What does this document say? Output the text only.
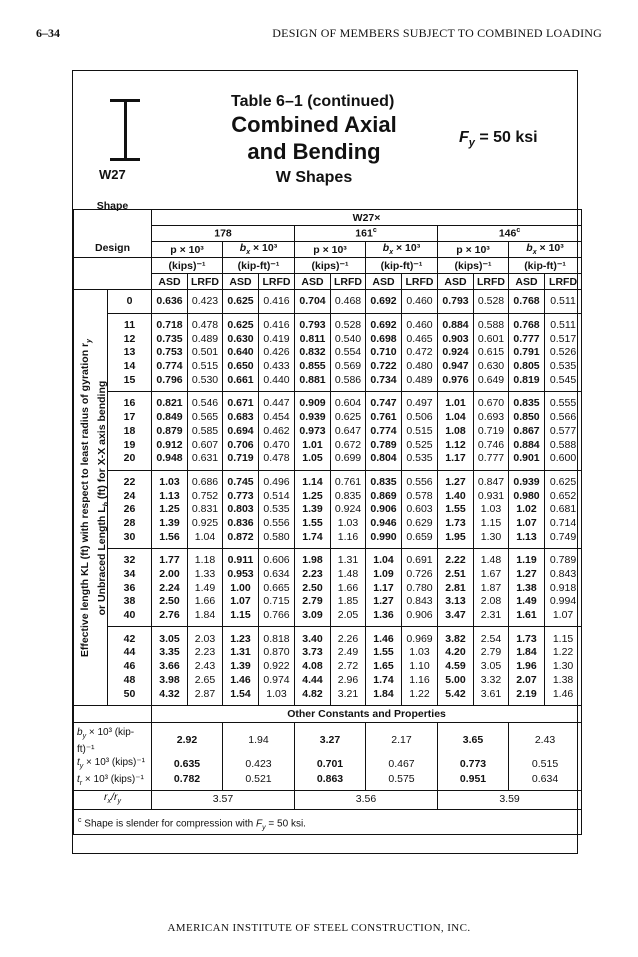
6–34	DESIGN OF MEMBERS SUBJECT TO COMBINED LOADING
W27
Table 6–1 (continued)
Combined Axial
and Bending
W Shapes
$F_y = 50$ ksi
Shape
Design		W27×											
		178				161$^c$				146$^c$
		p × 10³		$b_x \times 10^3$		p × 10³		$b_x \times 10^3$		p × 10³		$b_x \times 10^3$	
		(kips)⁻¹		(kip-ft)⁻¹		(kips)⁻¹		(kip-ft)⁻¹		(kips)⁻¹		(kip-ft)⁻¹	
		ASD	LRFD	ASD	LRFD	ASD	LRFD	ASD	LRFD	ASD	LRFD	ASD	LRFD
	0	0.636	0.423	0.625	0.416	0.704	0.468	0.692	0.460	0.793	0.528	0.768	0.511
	11	0.718	0.478	0.625	0.416	0.793	0.528	0.692	0.460	0.884	0.588	0.768	0.511
	12	0.735	0.489	0.630	0.419	0.811	0.540	0.698	0.465	0.903	0.601	0.777	0.517
	13	0.753	0.501	0.640	0.426	0.832	0.554	0.710	0.472	0.924	0.615	0.791	0.526
	14	0.774	0.515	0.650	0.433	0.855	0.569	0.722	0.480	0.947	0.630	0.805	0.535
	15	0.796	0.530	0.661	0.440	0.881	0.586	0.734	0.489	0.976	0.649	0.819	0.545
	16	0.821	0.546	0.671	0.447	0.909	0.604	0.747	0.497	1.01	0.670	0.835	0.555
	17	0.849	0.565	0.683	0.454	0.939	0.625	0.761	0.506	1.04	0.693	0.850	0.566
	18	0.879	0.585	0.694	0.462	0.973	0.647	0.774	0.515	1.08	0.719	0.867	0.577
	19	0.912	0.607	0.706	0.470	1.01	0.672	0.789	0.525	1.12	0.746	0.884	0.588
	20	0.948	0.631	0.719	0.478	1.05	0.699	0.804	0.535	1.17	0.777	0.901	0.600
	22	1.03	0.686	0.745	0.496	1.14	0.761	0.835	0.556	1.27	0.847	0.939	0.625
	24	1.13	0.752	0.773	0.514	1.25	0.835	0.869	0.578	1.40	0.931	0.980	0.652
	26	1.25	0.831	0.803	0.535	1.39	0.924	0.906	0.603	1.55	1.03	1.02	0.681
	28	1.39	0.925	0.836	0.556	1.55	1.03	0.946	0.629	1.73	1.15	1.07	0.714
	30	1.56	1.04	0.872	0.580	1.74	1.16	0.990	0.659	1.95	1.30	1.13	0.749
	32	1.77	1.18	0.911	0.606	1.98	1.31	1.04	0.691	2.22	1.48	1.19	0.789
	34	2.00	1.33	0.953	0.634	2.23	1.48	1.09	0.726	2.51	1.67	1.27	0.843
	36	2.24	1.49	1.00	0.665	2.50	1.66	1.17	0.780	2.81	1.87	1.38	0.918
	38	2.50	1.66	1.07	0.715	2.79	1.85	1.27	0.843	3.13	2.08	1.49	0.994
	40	2.76	1.84	1.15	0.766	3.09	2.05	1.36	0.906	3.47	2.31	1.61	1.07
	42	3.05	2.03	1.23	0.818	3.40	2.26	1.46	0.969	3.82	2.54	1.73	1.15
	44	3.35	2.23	1.31	0.870	3.73	2.49	1.55	1.03	4.20	2.79	1.84	1.22
	46	3.66	2.43	1.39	0.922	4.08	2.72	1.65	1.10	4.59	3.05	1.96	1.30
	48	3.98	2.65	1.46	0.974	4.44	2.96	1.74	1.16	5.00	3.32	2.07	1.38
	50	4.32	2.87	1.54	1.03	4.82	3.21	1.84	1.22	5.42	3.61	2.19	1.46
		Other Constants and Properties											
$b_y \times 10^3$ (kip-ft)⁻¹		2.92		1.94		3.27		2.17		3.65		2.43	
$t_y \times 10^3$ (kips)⁻¹		0.635		0.423		0.701		0.467		0.773		0.515	
$t_r \times 10^3$ (kips)⁻¹		0.782		0.521		0.863		0.575		0.951		0.634	
$r_x/r_y$		3.57				3.56				3.59			
$^c$ Shape is slender for compression with $F_y = 50$ ksi.													
Effective length KL (ft) with respect to least radius of gyration $r_y$
or Unbraced Length $L_b$ (ft) for X-X axis bending
AMERICAN INSTITUTE OF STEEL CONSTRUCTION, INC.
